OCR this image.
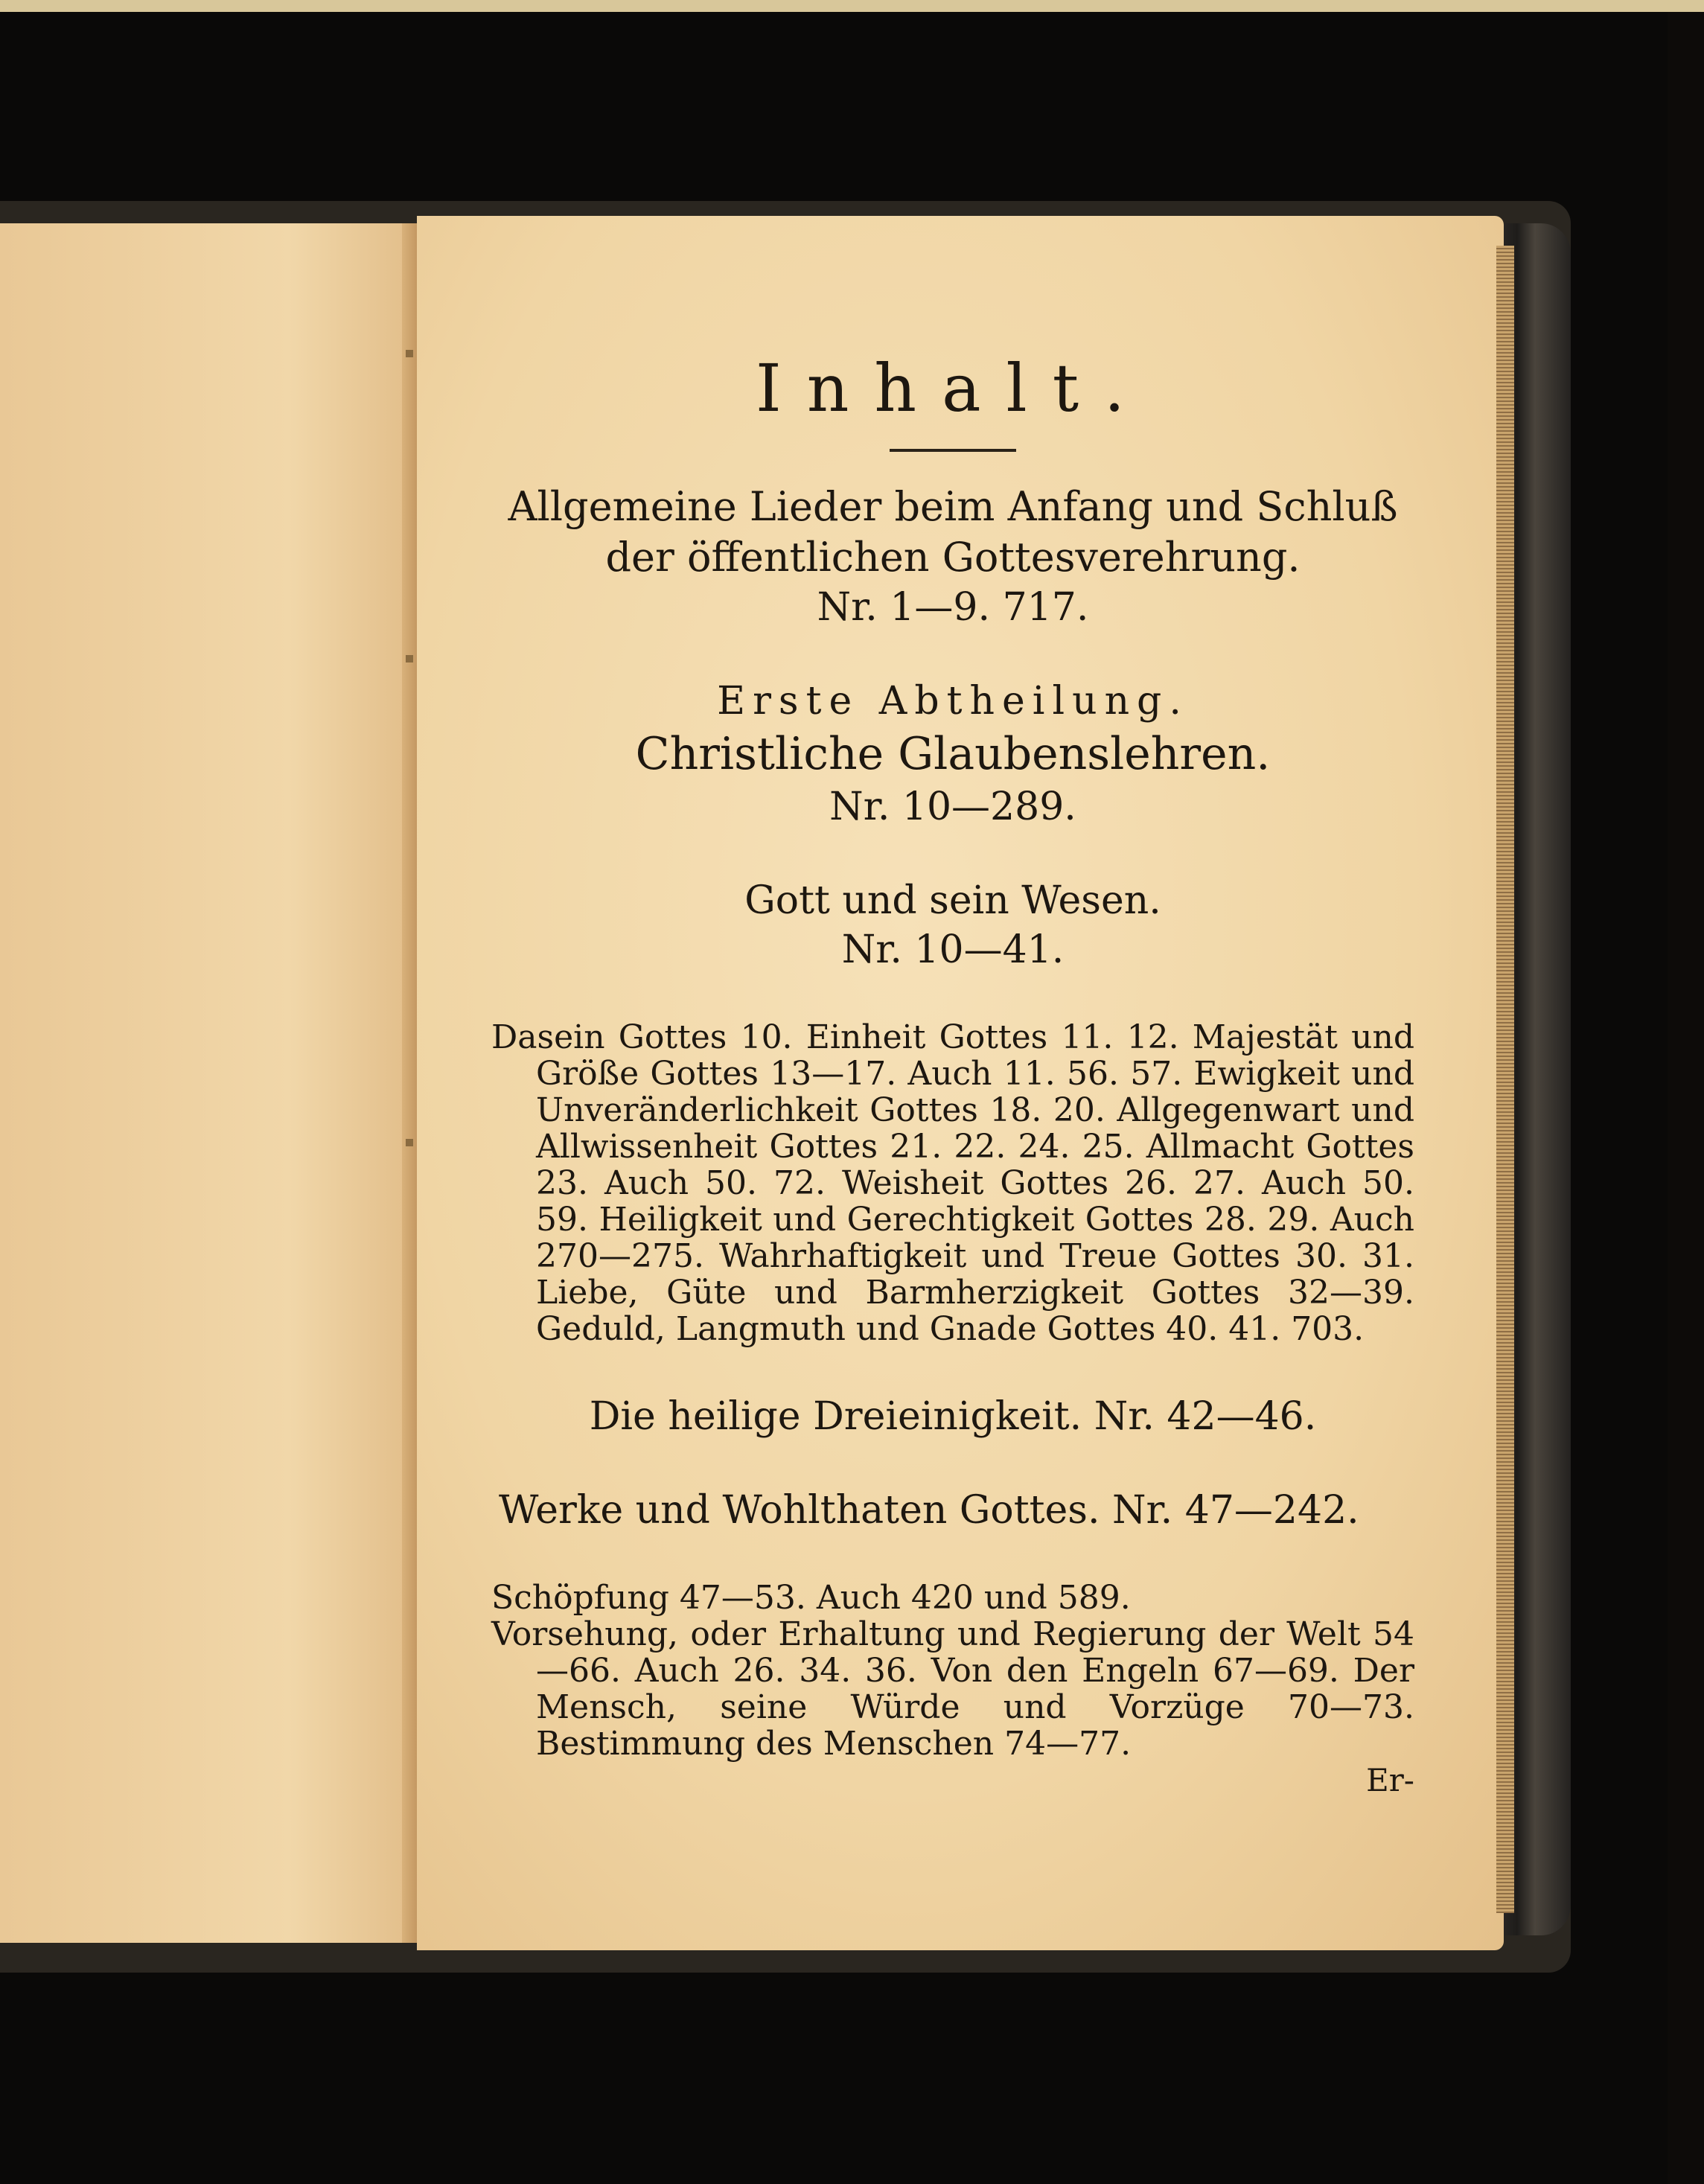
Inhalt.
Allgemeine Lieder beim Anfang und Schluß
der öffentlichen Gottesverehrung.
Nr. 1—9. 717.
Erste Abtheilung.
Christliche Glaubenslehren.
Nr. 10—289.
Gott und sein Wesen.
Nr. 10—41.
Dasein Gottes 10. Einheit Gottes 11. 12. Majestät und Größe Gottes 13—17. Auch 11. 56. 57. Ewigkeit und Unveränderlichkeit Gottes 18. 20. Allgegenwart und Allwissenheit Gottes 21. 22. 24. 25. Allmacht Gottes 23. Auch 50. 72. Weisheit Gottes 26. 27. Auch 50. 59. Heiligkeit und Gerechtigkeit Gottes 28. 29. Auch 270—275. Wahrhaftigkeit und Treue Gottes 30. 31. Liebe, Güte und Barmherzigkeit Gottes 32—39. Geduld, Langmuth und Gnade Gottes 40. 41. 703.
Die heilige Dreieinigkeit. Nr. 42—46.
Werke und Wohlthaten Gottes. Nr. 47—242.
Schöpfung 47—53. Auch 420 und 589.
Vorsehung, oder Erhaltung und Regierung der Welt 54—66. Auch 26. 34. 36. Von den Engeln 67—69. Der Mensch, seine Würde und Vorzüge 70—73. Bestimmung des Menschen 74—77.
Er-
